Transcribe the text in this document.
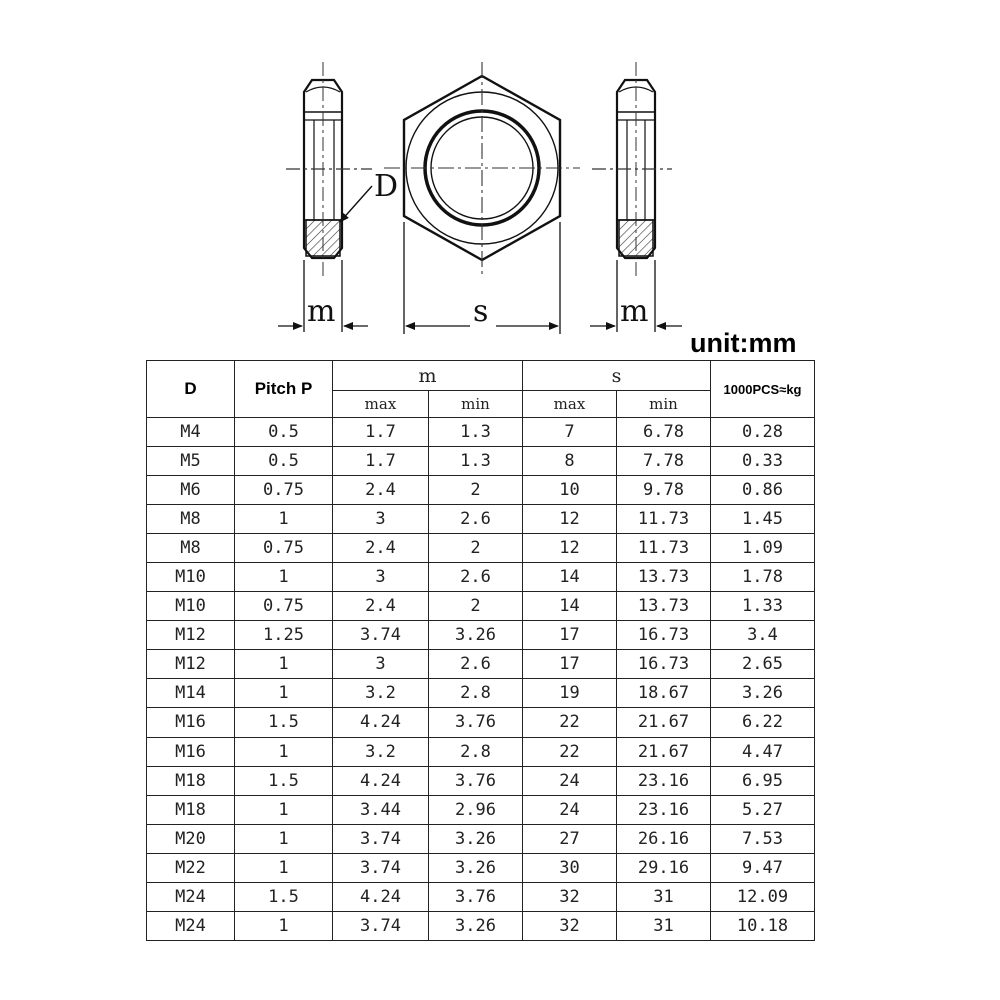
D
m	s	m
unit:mm
D	Pitch P	m		s		1000PCS≈kg
		max	min	max	min	
M4	0.5	1.7	1.3	7	6.78	0.28
M5	0.5	1.7	1.3	8	7.78	0.33
M6	0.75	2.4	2	10	9.78	0.86
M8	1	3	2.6	12	11.73	1.45
M8	0.75	2.4	2	12	11.73	1.09
M10	1	3	2.6	14	13.73	1.78
M10	0.75	2.4	2	14	13.73	1.33
M12	1.25	3.74	3.26	17	16.73	3.4
M12	1	3	2.6	17	16.73	2.65
M14	1	3.2	2.8	19	18.67	3.26
M16	1.5	4.24	3.76	22	21.67	6.22
M16	1	3.2	2.8	22	21.67	4.47
M18	1.5	4.24	3.76	24	23.16	6.95
M18	1	3.44	2.96	24	23.16	5.27
M20	1	3.74	3.26	27	26.16	7.53
M22	1	3.74	3.26	30	29.16	9.47
M24	1.5	4.24	3.76	32	31	12.09
M24	1	3.74	3.26	32	31	10.18
